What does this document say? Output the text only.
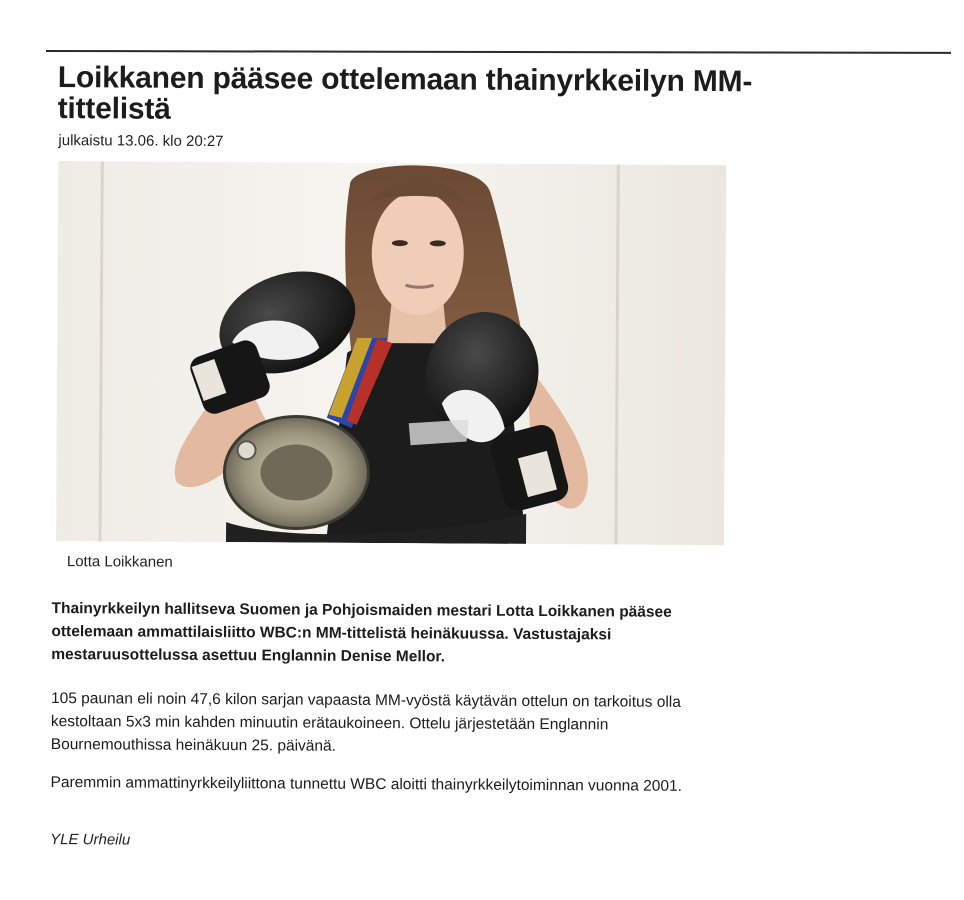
Loikkanen pääsee ottelemaan thainyrkkeilyn MM-tittelistä
julkaistu 13.06. klo 20:27
Lotta Loikkanen

Thainyrkkeilyn hallitseva Suomen ja Pohjoismaiden mestari Lotta Loikkanen pääsee ottelemaan ammattilaisliitto WBC:n MM-tittelistä heinäkuussa. Vastustajaksi mestaruusottelussa asettuu Englannin Denise Mellor.

105 paunan eli noin 47,6 kilon sarjan vapaasta MM-vyöstä käytävän ottelun on tarkoitus olla kestoltaan 5x3 min kahden minuutin erätaukoineen. Ottelu järjestetään Englannin Bournemouthissa heinäkuun 25. päivänä.

Paremmin ammattinyrkkeilyliittona tunnettu WBC aloitti thainyrkkeilytoiminnan vuonna 2001.

YLE Urheilu
